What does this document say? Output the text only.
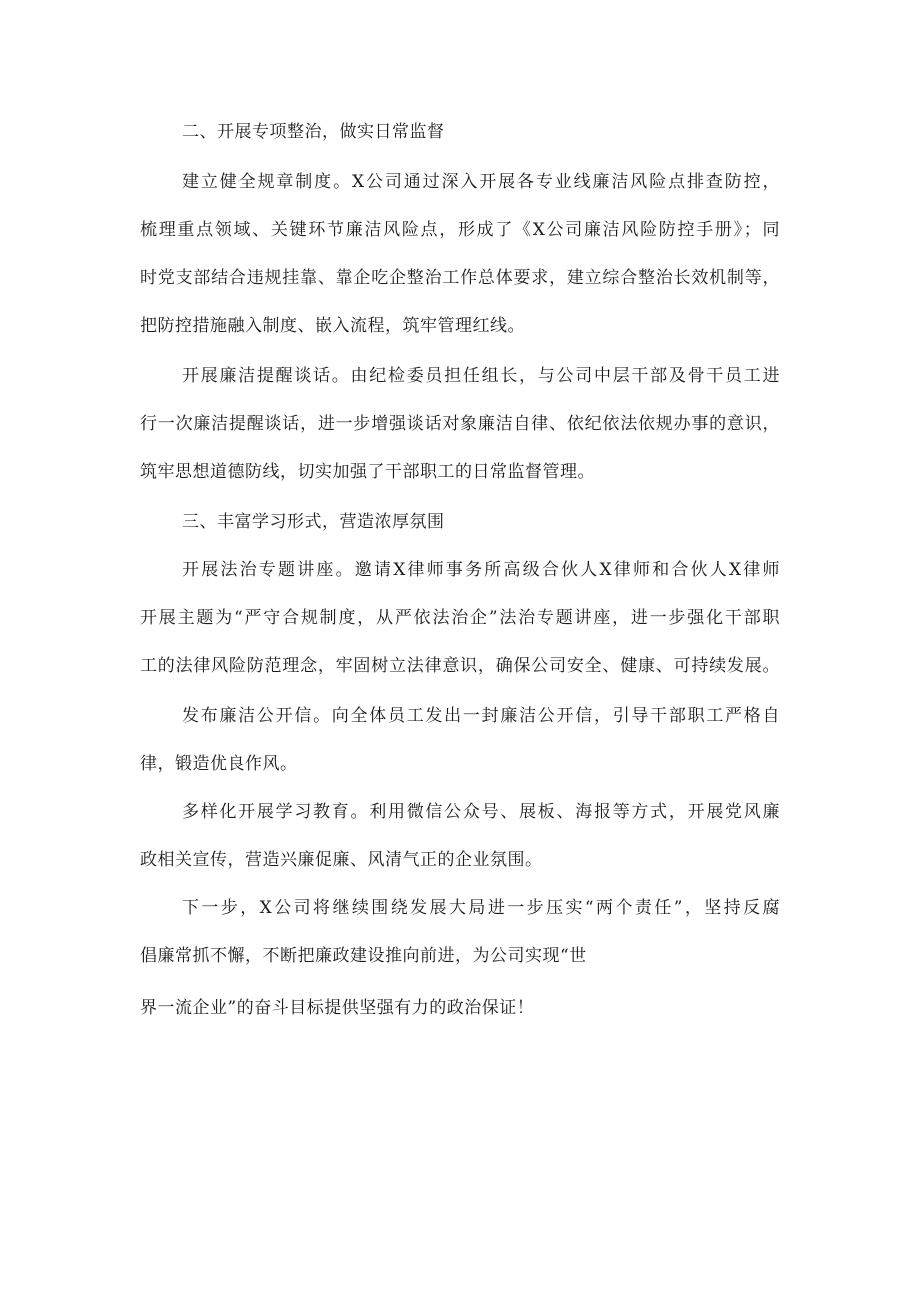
二、开展专项整治，做实日常监督
建立健全规章制度。X公司通过深入开展各专业线廉洁风险点排查防控，
梳理重点领域、关键环节廉洁风险点，形成了《X公司廉洁风险防控手册》；同
时党支部结合违规挂靠、靠企吃企整治工作总体要求，建立综合整治长效机制等，
把防控措施融入制度、嵌入流程，筑牢管理红线。
开展廉洁提醒谈话。由纪检委员担任组长，与公司中层干部及骨干员工进
行一次廉洁提醒谈话，进一步增强谈话对象廉洁自律、依纪依法依规办事的意识，
筑牢思想道德防线，切实加强了干部职工的日常监督管理。
三、丰富学习形式，营造浓厚氛围
开展法治专题讲座。邀请X律师事务所高级合伙人X律师和合伙人X律师
开展主题为“严守合规制度，从严依法治企”法治专题讲座，进一步强化干部职
工的法律风险防范理念，牢固树立法律意识，确保公司安全、健康、可持续发展。
发布廉洁公开信。向全体员工发出一封廉洁公开信，引导干部职工严格自
律，锻造优良作风。
多样化开展学习教育。利用微信公众号、展板、海报等方式，开展党风廉
政相关宣传，营造兴廉促廉、风清气正的企业氛围。
下一步，X公司将继续围绕发展大局进一步压实“两个责任”，坚持反腐
倡廉常抓不懈，不断把廉政建设推向前进，为公司实现“世
界一流企业”的奋斗目标提供坚强有力的政治保证！
